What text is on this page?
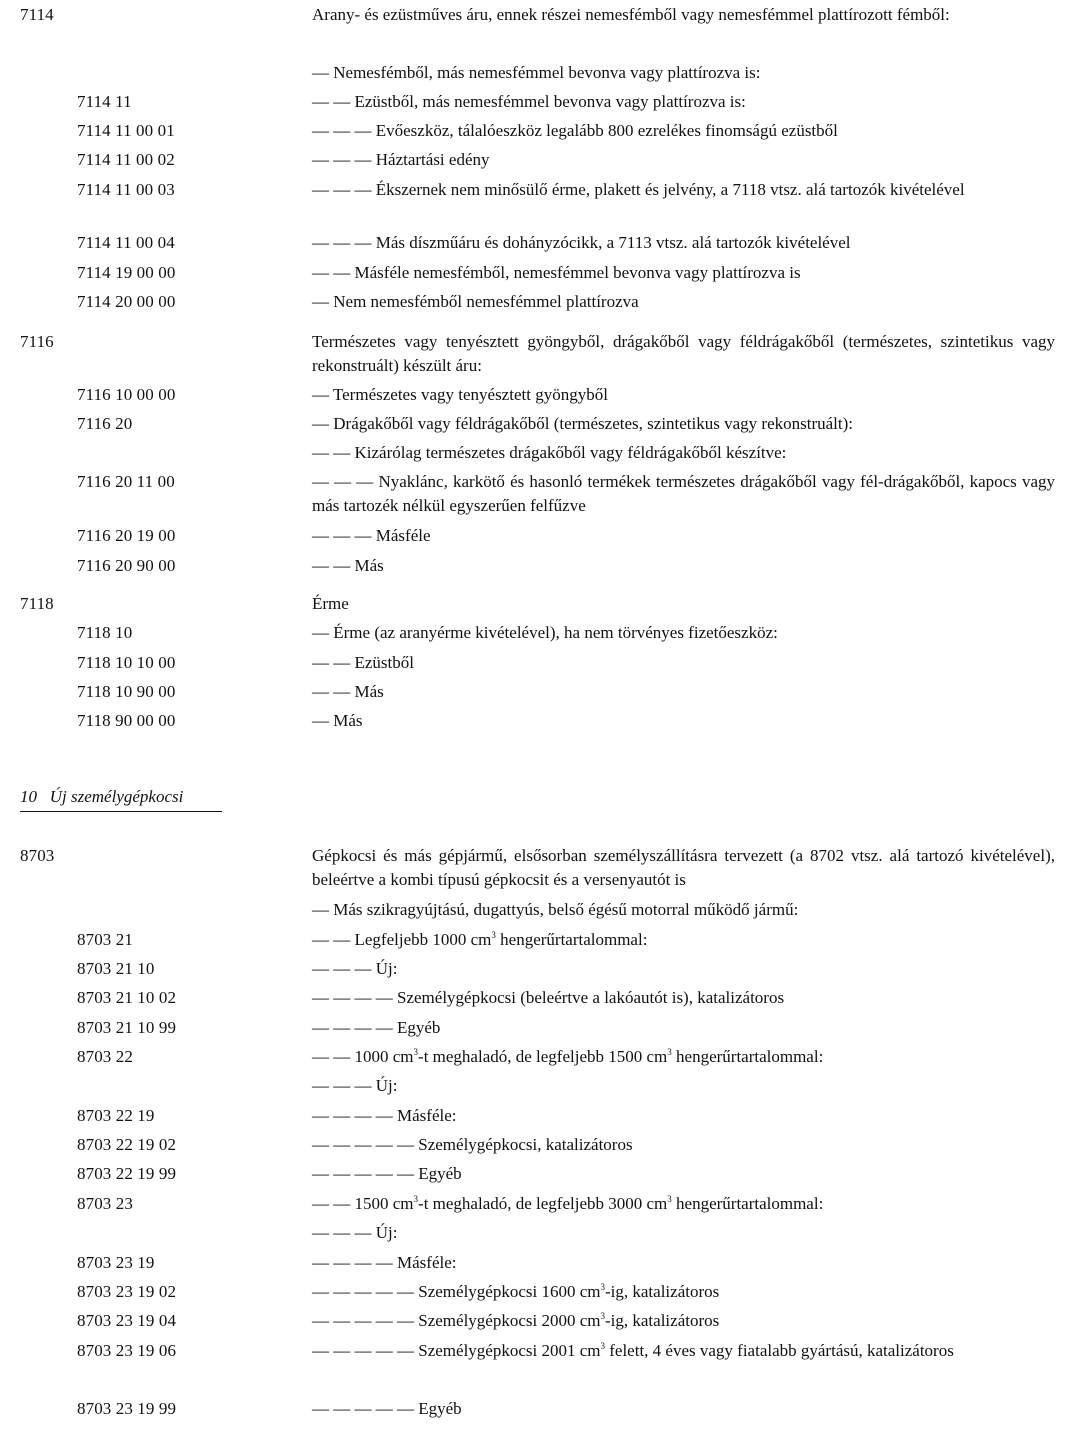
7114	Arany- és ezüstműves áru, ennek részei nemesfémből vagy nemesfémmel plattírozott fémből:
— Nemesfémből, más nemesfémmel bevonva vagy plattírozva is:
7114 11	— — Ezüstből, más nemesfémmel bevonva vagy plattírozva is:
7114 11 00 01	— — — Evőeszköz, tálalóeszköz legalább 800 ezrelékes finomságú ezüstből
7114 11 00 02	— — — Háztartási edény
7114 11 00 03	— — — Ékszernek nem minősülő érme, plakett és jelvény, a 7118 vtsz. alá tartozók kivételével
7114 11 00 04	— — — Más díszműáru és dohányzócikk, a 7113 vtsz. alá tartozók kivételével
7114 19 00 00	— — Másféle nemesfémből, nemesfémmel bevonva vagy plattírozva is
7114 20 00 00	— Nem nemesfémből nemesfémmel plattírozva
7116	Természetes vagy tenyésztett gyöngyből, drágakőből vagy féldrágakőből (természetes, szintetikus vagy rekonstruált) készült áru:
7116 10 00 00	— Természetes vagy tenyésztett gyöngyből
7116 20	— Drágakőből vagy féldrágakőből (természetes, szintetikus vagy rekonstruált):
— — Kizárólag természetes drágakőből vagy féldrágakőből készítve:
7116 20 11 00	— — — Nyaklánc, karkötő és hasonló termékek természetes drágakőből vagy fél-drágakőből, kapocs vagy más tartozék nélkül egyszerűen felfűzve
7116 20 19 00	— — — Másféle
7116 20 90 00	— — Más
7118	Érme
7118 10	— Érme (az aranyérme kivételével), ha nem törvényes fizetőeszköz:
7118 10 10 00	— — Ezüstből
7118 10 90 00	— — Más
7118 90 00 00	— Más
10   Új személygépkocsi
8703	Gépkocsi és más gépjármű, elsősorban személyszállításra tervezett (a 8702 vtsz. alá tartozó kivételével), beleértve a kombi típusú gépkocsit és a versenyautót is
— Más szikragyújtású, dugattyús, belső égésű motorral működő jármű:
8703 21	— — Legfeljebb 1000 $cm^3$ hengerűrtartalommal:
8703 21 10	— — — Új:
8703 21 10 02	— — — — Személygépkocsi (beleértve a lakóautót is), katalizátoros
8703 21 10 99	— — — — Egyéb
8703 22	— — 1000 $cm^3-t$ meghaladó, de legfeljebb 1500 $cm^3$ hengerűrtartalommal:
— — — Új:
8703 22 19	— — — — Másféle:
8703 22 19 02	— — — — — Személygépkocsi, katalizátoros
8703 22 19 99	— — — — — Egyéb
8703 23	— — 1500 $cm^3-t$ meghaladó, de legfeljebb 3000 $cm^3$ hengerűrtartalommal:
— — — Új:
8703 23 19	— — — — Másféle:
8703 23 19 02	— — — — — Személygépkocsi 1600 $cm^3-ig$, katalizátoros
8703 23 19 04	— — — — — Személygépkocsi 2000 $cm^3-ig$, katalizátoros
8703 23 19 06	— — — — — Személygépkocsi 2001 $cm^3$ felett, 4 éves vagy fiatalabb gyártású, katalizátoros
8703 23 19 99	— — — — — Egyéb
